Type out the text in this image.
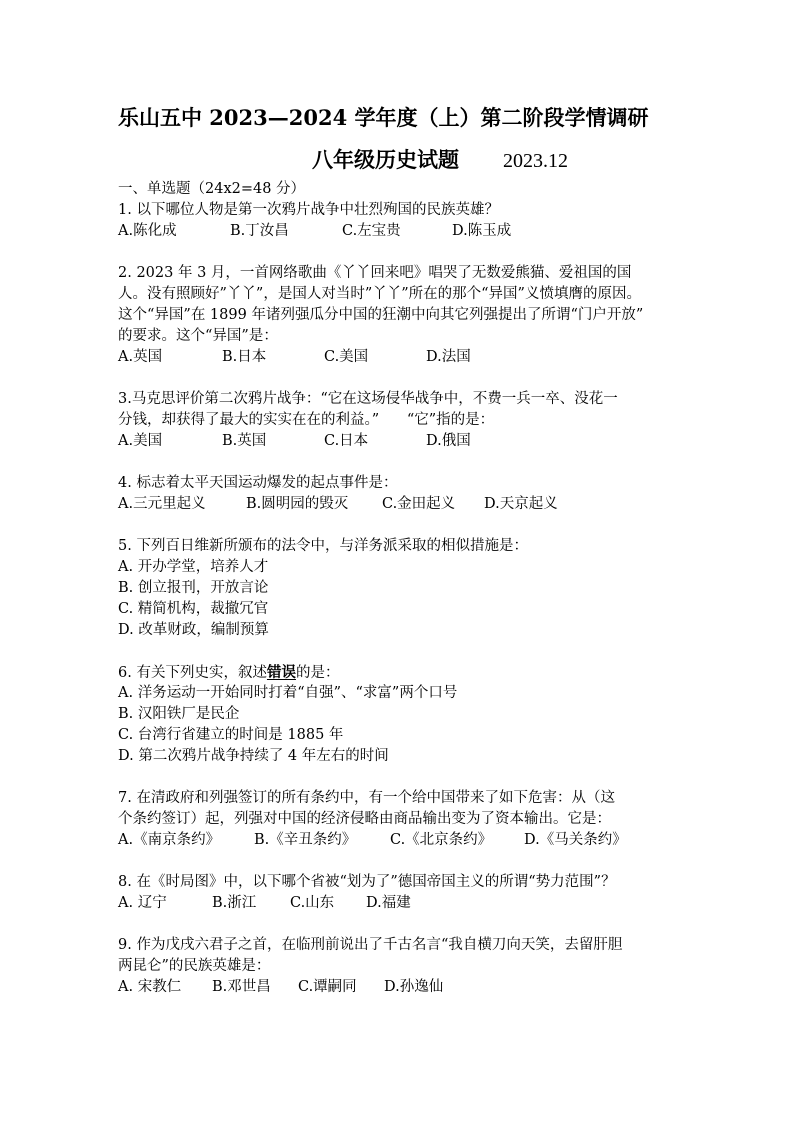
乐山五中 2023—2024 学年度（上）第二阶段学情调研
八年级历史试题 2023.12
一、单选题（24x2=48 分）
1. 以下哪位人物是第一次鸦片战争中壮烈殉国的民族英雄？
A.陈化成	B.丁汝昌	C.左宝贵	D.陈玉成
2. 2023 年 3 月，一首网络歌曲《丫丫回来吧》唱哭了无数爱熊猫、爱祖国的国
人。没有照顾好”丫丫”，是国人对当时”丫丫”所在的那个“异国”义愤填膺的原因。
这个“异国”在 1899 年诸列强瓜分中国的狂潮中向其它列强提出了所谓“门户开放”
的要求。这个“异国”是：
A.英国	B.日本	C.美国	D.法国
3.马克思评价第二次鸦片战争：“它在这场侵华战争中，不费一兵一卒、没花一
分钱，却获得了最大的实实在在的利益。”      “它”指的是：
A.美国	B.英国	C.日本	D.俄国
4. 标志着太平天国运动爆发的起点事件是：
A.三元里起义	B.圆明园的毁灭	C.金田起义	D.天京起义
5. 下列百日维新所颁布的法令中，与洋务派采取的相似措施是：
A. 开办学堂，培养人才
B. 创立报刊，开放言论
C. 精简机构，裁撤冗官
D. 改革财政，编制预算
6. 有关下列史实，叙述错误的是：
A. 洋务运动一开始同时打着“自强”、“求富”两个口号
B. 汉阳铁厂是民企
C. 台湾行省建立的时间是 1885 年
D. 第二次鸦片战争持续了 4 年左右的时间
7. 在清政府和列强签订的所有条约中，有一个给中国带来了如下危害：从（这
个条约签订）起，列强对中国的经济侵略由商品输出变为了资本输出。它是：
A.《南京条约》	B.《辛丑条约》	C.《北京条约》	D.《马关条约》
8. 在《时局图》中，以下哪个省被“划为了”德国帝国主义的所谓“势力范围”？
A. 辽宁	B.浙江	C.山东	D.福建
9. 作为戊戌六君子之首，在临刑前说出了千古名言“我自横刀向天笑，去留肝胆
两昆仑”的民族英雄是：
A. 宋教仁	B.邓世昌	C.谭嗣同	D.孙逸仙
